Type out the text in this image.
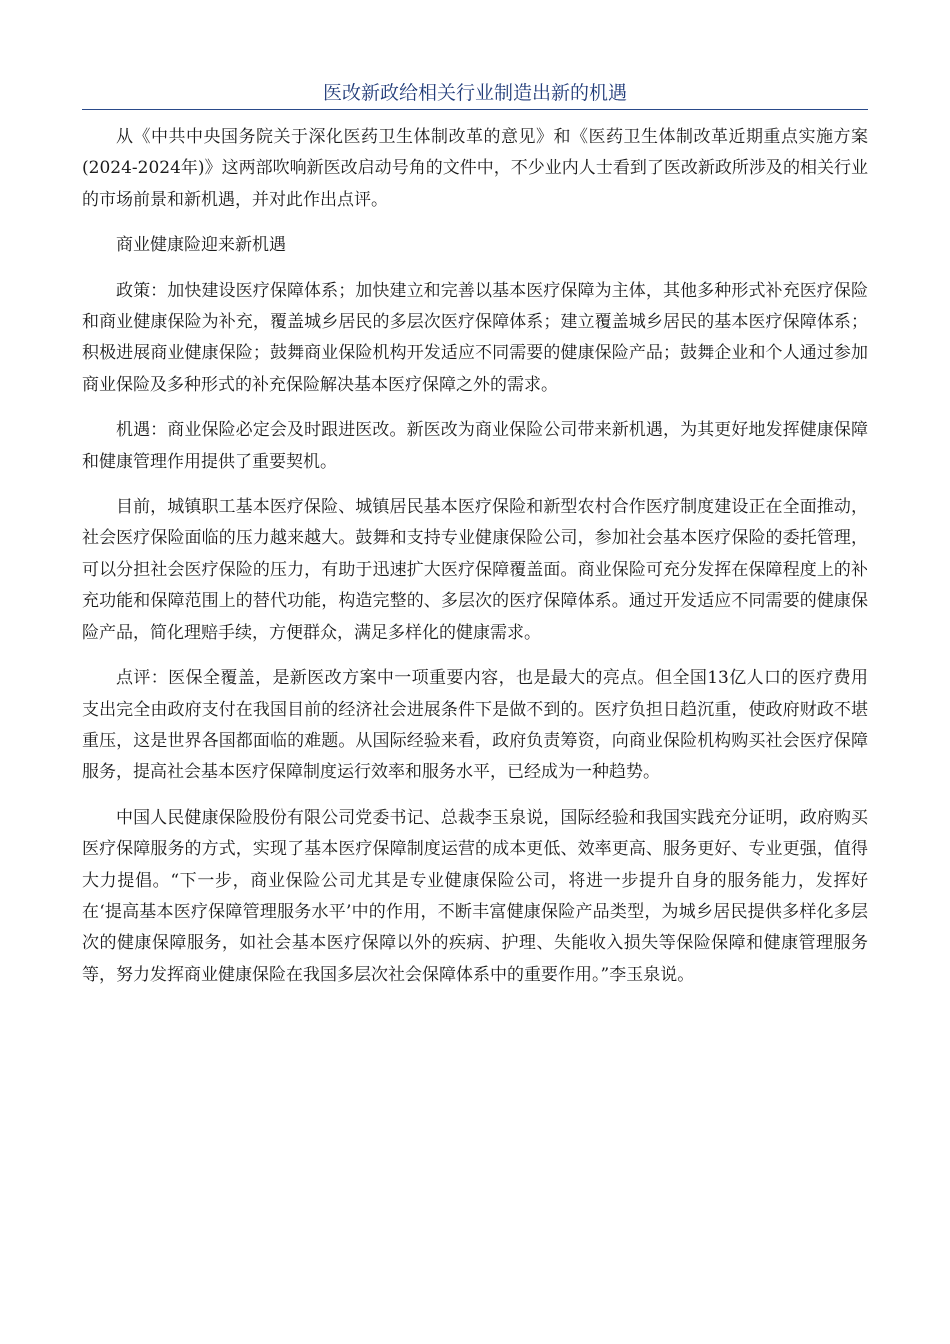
医改新政给相关行业制造出新的机遇

从《中共中央国务院关于深化医药卫生体制改革的意见》和《医药卫生体制改革近期重点实施方案(2024-2024年)》这两部吹响新医改启动号角的文件中，不少业内人士看到了医改新政所涉及的相关行业的市场前景和新机遇，并对此作出点评。

商业健康险迎来新机遇

政策：加快建设医疗保障体系；加快建立和完善以基本医疗保障为主体，其他多种形式补充医疗保险和商业健康保险为补充，覆盖城乡居民的多层次医疗保障体系；建立覆盖城乡居民的基本医疗保障体系；积极进展商业健康保险；鼓舞商业保险机构开发适应不同需要的健康保险产品；鼓舞企业和个人通过参加商业保险及多种形式的补充保险解决基本医疗保障之外的需求。

机遇：商业保险必定会及时跟进医改。新医改为商业保险公司带来新机遇，为其更好地发挥健康保障和健康管理作用提供了重要契机。

目前，城镇职工基本医疗保险、城镇居民基本医疗保险和新型农村合作医疗制度建设正在全面推动，社会医疗保险面临的压力越来越大。鼓舞和支持专业健康保险公司，参加社会基本医疗保险的委托管理，可以分担社会医疗保险的压力，有助于迅速扩大医疗保障覆盖面。商业保险可充分发挥在保障程度上的补充功能和保障范围上的替代功能，构造完整的、多层次的医疗保障体系。通过开发适应不同需要的健康保险产品，简化理赔手续，方便群众，满足多样化的健康需求。

点评：医保全覆盖，是新医改方案中一项重要内容，也是最大的亮点。但全国13亿人口的医疗费用支出完全由政府支付在我国目前的经济社会进展条件下是做不到的。医疗负担日趋沉重，使政府财政不堪重压，这是世界各国都面临的难题。从国际经验来看，政府负责筹资，向商业保险机构购买社会医疗保障服务，提高社会基本医疗保障制度运行效率和服务水平，已经成为一种趋势。

中国人民健康保险股份有限公司党委书记、总裁李玉泉说，国际经验和我国实践充分证明，政府购买医疗保障服务的方式，实现了基本医疗保障制度运营的成本更低、效率更高、服务更好、专业更强，值得大力提倡。“下一步，商业保险公司尤其是专业健康保险公司，将进一步提升自身的服务能力，发挥好在‘提高基本医疗保障管理服务水平’中的作用，不断丰富健康保险产品类型，为城乡居民提供多样化多层次的健康保障服务，如社会基本医疗保障以外的疾病、护理、失能收入损失等保险保障和健康管理服务等，努力发挥商业健康保险在我国多层次社会保障体系中的重要作用。”李玉泉说。
